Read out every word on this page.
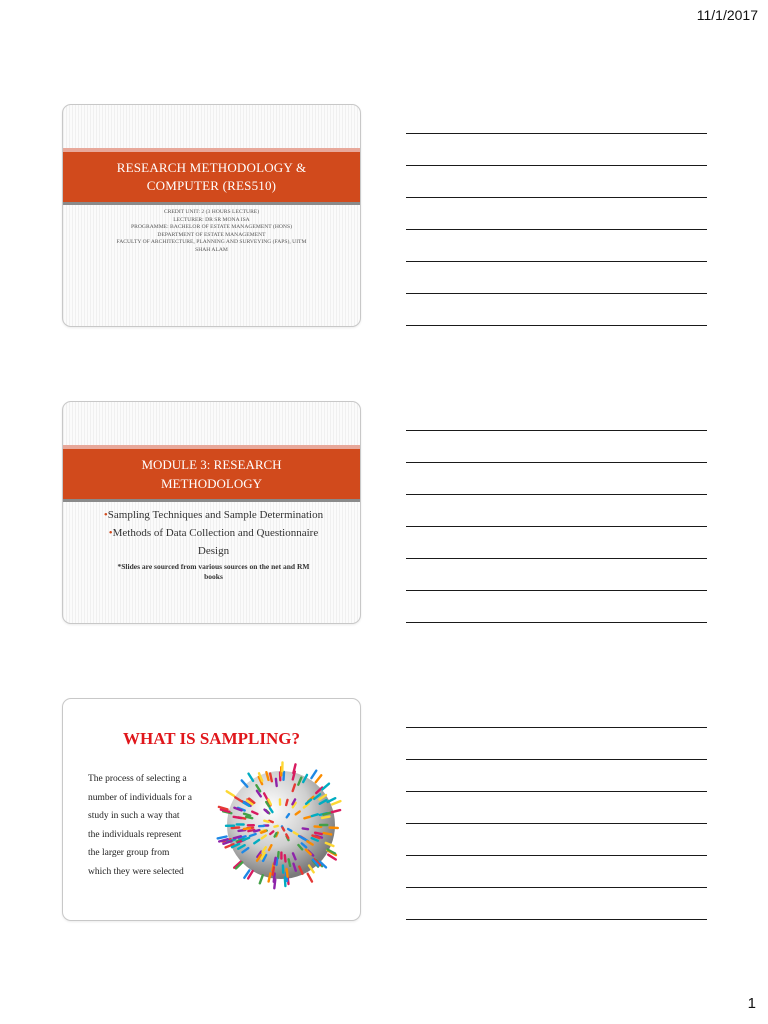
11/1/2017
RESEARCH METHODOLOGY &
COMPUTER (RES510)
CREDIT UNIT: 2 (3 HOURS LECTURE)
LECTURER: DR SR MONA ISA
PROGRAMME: BACHELOR OF ESTATE MANAGEMENT (HONS)
DEPARTMENT OF ESTATE MANAGEMENT
FACULTY OF ARCHITECTURE, PLANNING AND SURVEYING (FAPS), UITM
SHAH ALAM
MODULE 3: RESEARCH
METHODOLOGY
•Sampling Techniques and Sample Determination
•Methods of Data Collection and Questionnaire
Design
*Slides are sourced from various sources on the net and RM
books
WHAT IS SAMPLING?
The process of selecting a
number of individuals for a
study in such a way that
the individuals represent
the larger group from
which they were selected
1
